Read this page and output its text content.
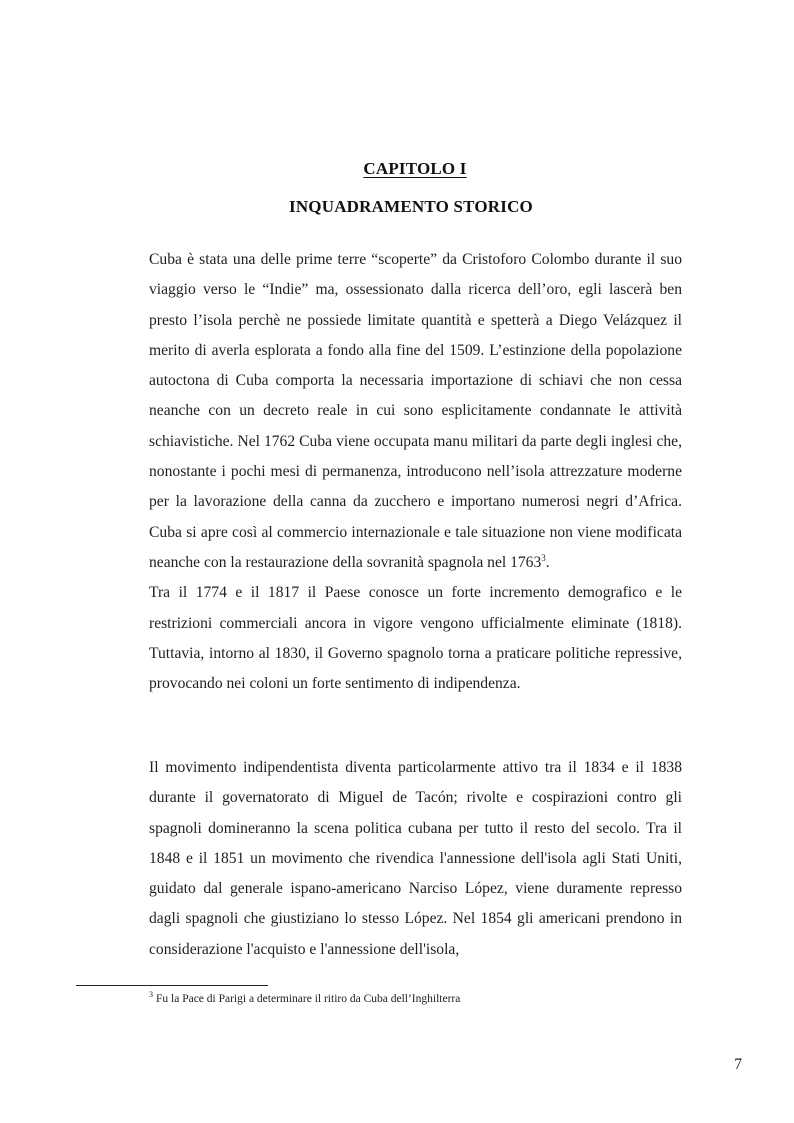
CAPITOLO I
INQUADRAMENTO STORICO

Cuba è stata una delle prime terre “scoperte” da Cristoforo Colombo durante il suo viaggio verso le “Indie” ma, ossessionato dalla ricerca dell’oro, egli lascerà ben presto l’isola perchè ne possiede limitate quantità e spetterà a Diego Velázquez il merito di averla esplorata a fondo alla fine del 1509. L’estinzione della popolazione autoctona di Cuba comporta la necessaria importazione di schiavi che non cessa neanche con un decreto reale in cui sono esplicitamente condannate le attività schiavistiche. Nel 1762 Cuba viene occupata manu militari da parte degli inglesi che, nonostante i pochi mesi di permanenza, introducono nell’isola attrezzature moderne per la lavorazione della canna da zucchero e importano numerosi negri d’Africa. Cuba si apre così al commercio internazionale e tale situazione non viene modificata neanche con la restaurazione della sovranità spagnola nel 1763$^3$.

Tra il 1774 e il 1817 il Paese conosce un forte incremento demografico e le restrizioni commerciali ancora in vigore vengono ufficialmente eliminate (1818). Tuttavia, intorno al 1830, il Governo spagnolo torna a praticare politiche repressive, provocando nei coloni un forte sentimento di indipendenza.

Il movimento indipendentista diventa particolarmente attivo tra il 1834 e il 1838 durante il governatorato di Miguel de Tacón; rivolte e cospirazioni contro gli spagnoli domineranno la scena politica cubana per tutto il resto del secolo. Tra il 1848 e il 1851 un movimento che rivendica l'annessione dell'isola agli Stati Uniti, guidato dal generale ispano-americano Narciso López, viene duramente represso dagli spagnoli che giustiziano lo stesso López. Nel 1854 gli americani prendono in considerazione l'acquisto e l'annessione dell'isola,

$^3$ Fu la Pace di Parigi a determinare il ritiro da Cuba dell’Inghilterra
7
